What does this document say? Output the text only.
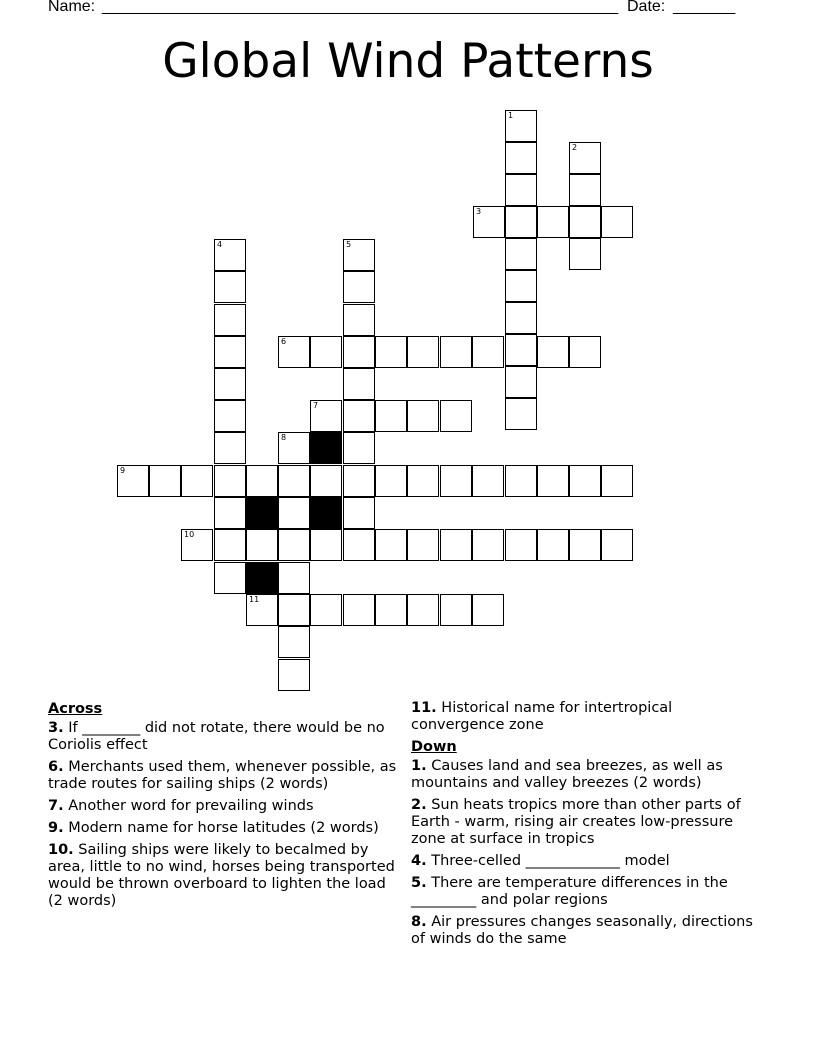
Name: __________________________________________________________ Date: _______
Global Wind Patterns
1
2
3
4	5
6
7
8
9
10
11
Across
3. If ________ did not rotate, there would be no Coriolis effect
6. Merchants used them, whenever possible, as trade routes for sailing ships (2 words)
7. Another word for prevailing winds
9. Modern name for horse latitudes (2 words)
10. Sailing ships were likely to becalmed by area, little to no wind, horses being transported would be thrown overboard to lighten the load (2 words)
11. Historical name for intertropical convergence zone
Down
1. Causes land and sea breezes, as well as mountains and valley breezes (2 words)
2. Sun heats tropics more than other parts of Earth - warm, rising air creates low-pressure zone at surface in tropics
4. Three-celled _____________ model
5. There are temperature differences in the _________ and polar regions
8. Air pressures changes seasonally, directions of winds do the same
